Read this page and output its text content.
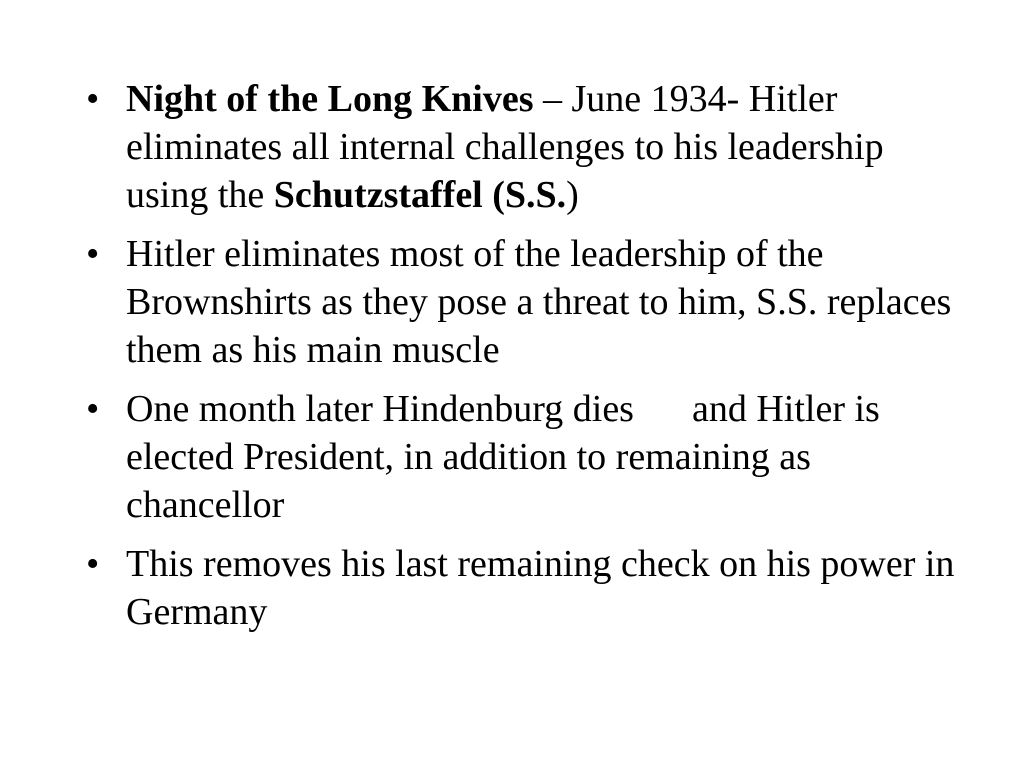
• Night of the Long Knives – June 1934- Hitler eliminates all internal challenges to his leadership using the Schutzstaffel (S.S.)
• Hitler eliminates most of the leadership of the Brownshirts as they pose a threat to him, S.S. replaces them as his main muscle
• One month later Hindenburg dies and Hitler is elected President, in addition to remaining as chancellor
• This removes his last remaining check on his power in Germany
